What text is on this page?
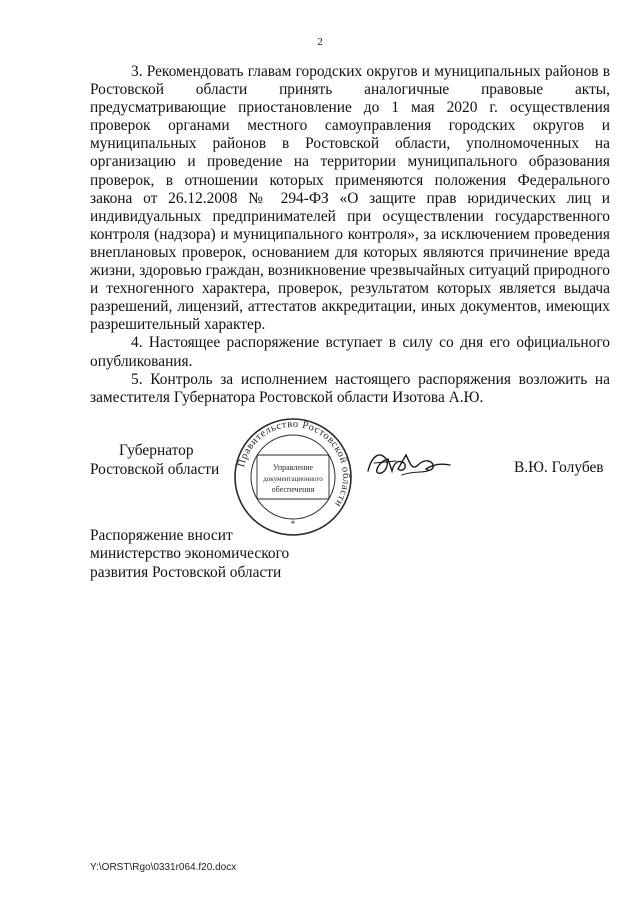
2

3. Рекомендовать главам городских округов и муниципальных районов в Ростовской области принять аналогичные правовые акты, предусматривающие приостановление до 1 мая 2020 г. осуществления проверок органами местного самоуправления городских округов и муниципальных районов в Ростовской области, уполномоченных на организацию и проведение на территории муниципального образования проверок, в отношении которых применяются положения Федерального закона от 26.12.2008 № 294-ФЗ «О защите прав юридических лиц и индивидуальных предпринимателей при осуществлении государственного контроля (надзора) и муниципального контроля», за исключением проведения внеплановых проверок, основанием для которых являются причинение вреда жизни, здоровью граждан, возникновение чрезвычайных ситуаций природного и техногенного характера, проверок, результатом которых является выдача разрешений, лицензий, аттестатов аккредитации, иных документов, имеющих разрешительный характер.

4. Настоящее распоряжение вступает в силу со дня его официального опубликования.

5. Контроль за исполнением настоящего распоряжения возложить на заместителя Губернатора Ростовской области Изотова А.Ю.

Губернатор
Ростовской области Правительство Ростовской области
Управление
документационного
обеспечения
*
В.Ю. Голубев
Распоряжение вносит
министерство экономического
развития Ростовской области
Y:\ORST\Rgo\0331r064.f20.docx
